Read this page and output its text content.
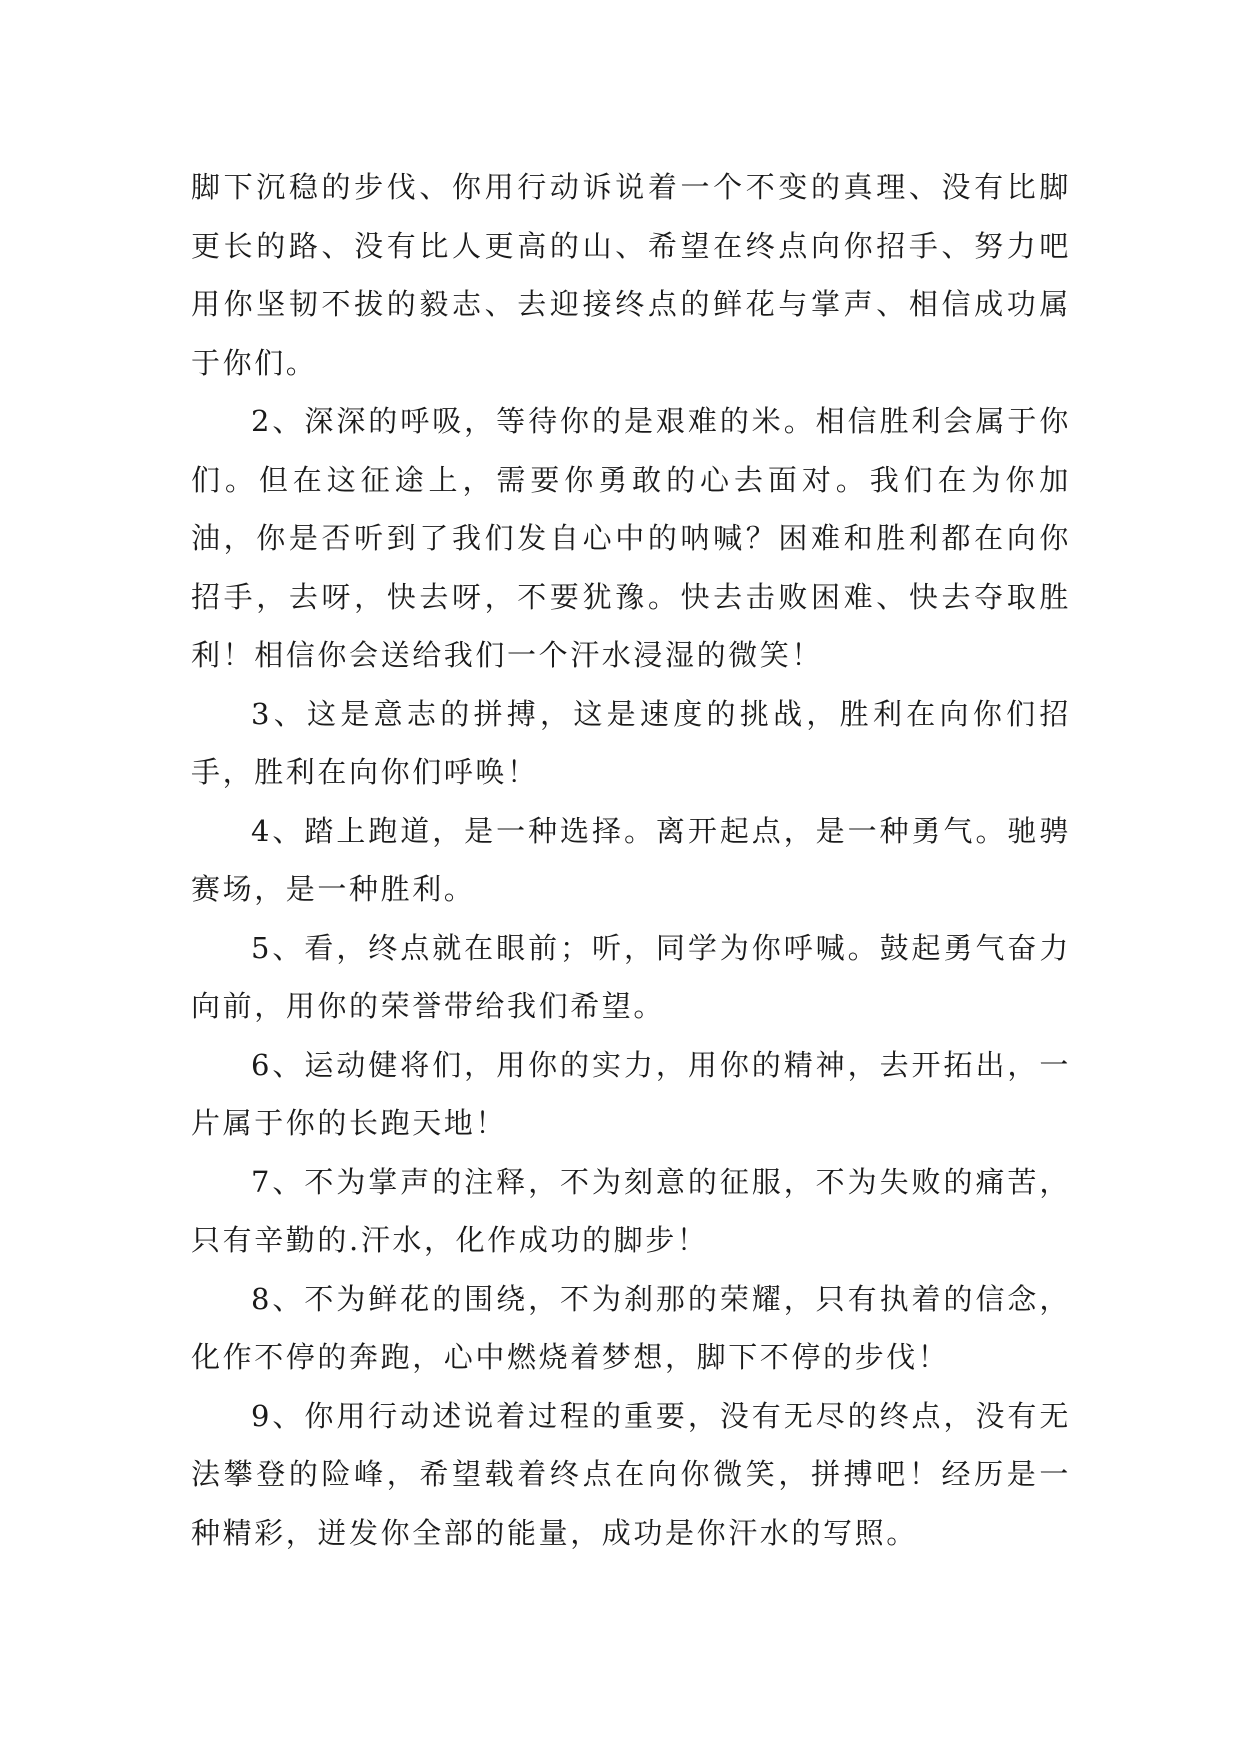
脚下沉稳的步伐、你用行动诉说着一个不变的真理、没有比脚更长的路、没有比人更高的山、希望在终点向你招手、努力吧用你坚韧不拔的毅志、去迎接终点的鲜花与掌声、相信成功属于你们。

2、深深的呼吸，等待你的是艰难的米。相信胜利会属于你们。但在这征途上，需要你勇敢的心去面对。我们在为你加油，你是否听到了我们发自心中的呐喊？困难和胜利都在向你招手，去呀，快去呀，不要犹豫。快去击败困难、快去夺取胜利！相信你会送给我们一个汗水浸湿的微笑！

3、这是意志的拼搏，这是速度的挑战，胜利在向你们招手，胜利在向你们呼唤！

4、踏上跑道，是一种选择。离开起点，是一种勇气。驰骋赛场，是一种胜利。

5、看，终点就在眼前；听，同学为你呼喊。鼓起勇气奋力向前，用你的荣誉带给我们希望。

6、运动健将们，用你的实力，用你的精神，去开拓出，一片属于你的长跑天地！

7、不为掌声的注释，不为刻意的征服，不为失败的痛苦，只有辛勤的.汗水，化作成功的脚步！

8、不为鲜花的围绕，不为刹那的荣耀，只有执着的信念，化作不停的奔跑，心中燃烧着梦想，脚下不停的步伐！

9、你用行动述说着过程的重要，没有无尽的终点，没有无法攀登的险峰，希望载着终点在向你微笑，拼搏吧！经历是一种精彩，迸发你全部的能量，成功是你汗水的写照。
